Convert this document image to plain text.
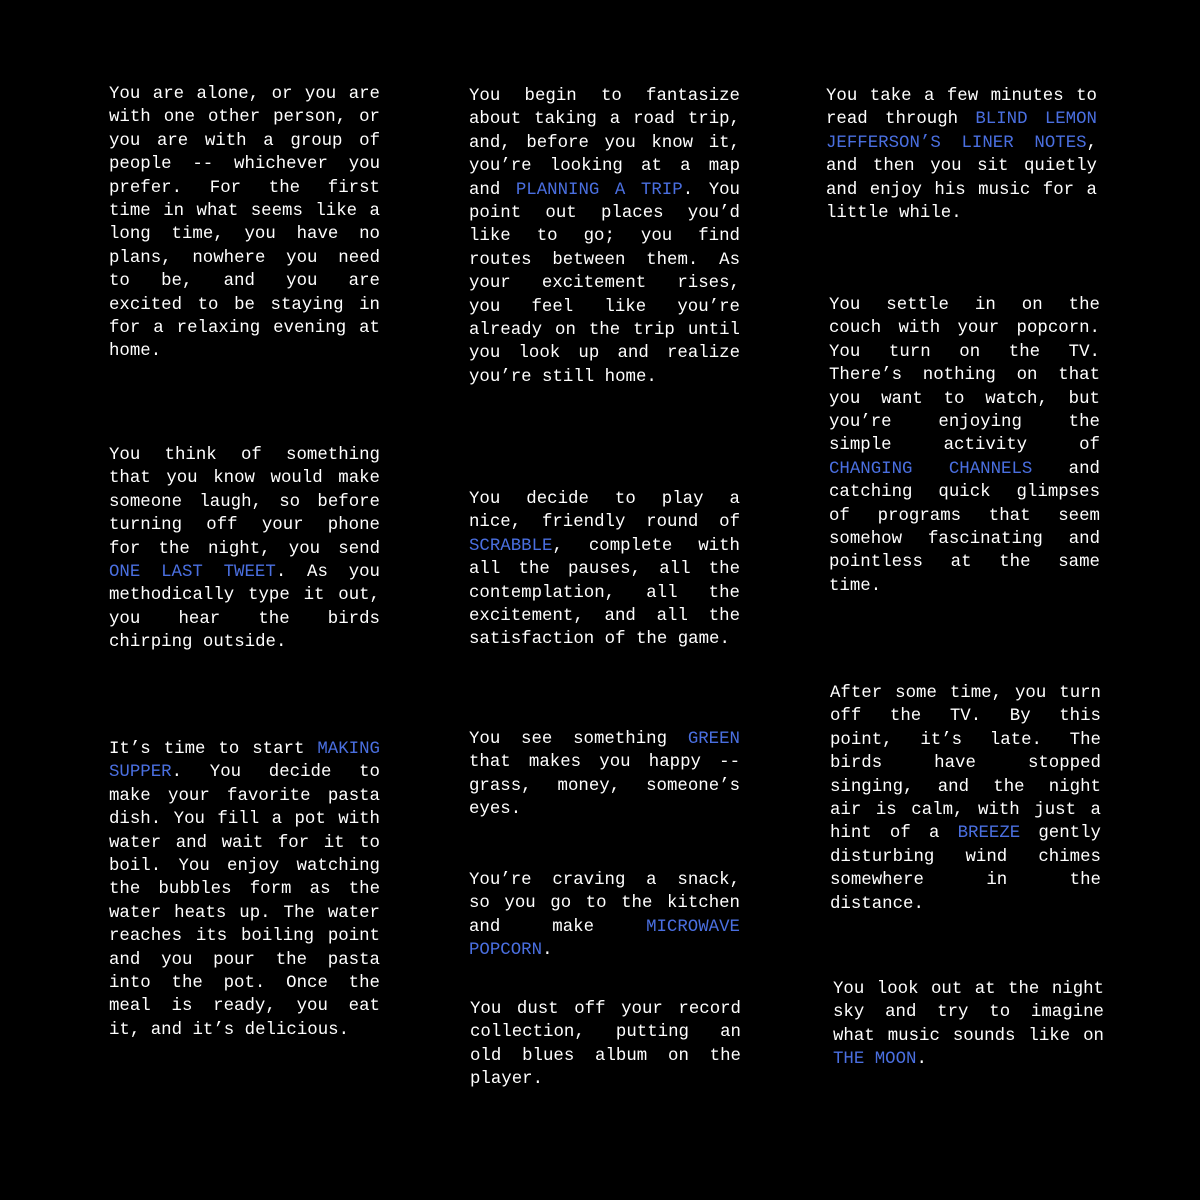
You are alone, or you are with one other person, or you are with a group of people -- whichever you prefer. For the first time in what seems like a long time, you have no plans, nowhere you need to be, and you are excited to be staying in for a relaxing evening at home.

You think of something that you know would make someone laugh, so before turning off your phone for the night, you send ONE LAST TWEET. As you methodically type it out, you hear the birds chirping outside.

It’s time to start MAKING SUPPER. You decide to make your favorite pasta dish. You fill a pot with water and wait for it to boil. You enjoy watching the bubbles form as the water heats up. The water reaches its boiling point and you pour the pasta into the pot. Once the meal is ready, you eat it, and it’s delicious.

You begin to fantasize about taking a road trip, and, before you know it, you’re looking at a map and PLANNING A TRIP. You point out places you’d like to go; you find routes between them. As your excitement rises, you feel like you’re already on the trip until you look up and realize you’re still home.

You decide to play a nice, friendly round of SCRABBLE, complete with all the pauses, all the contemplation, all the excitement, and all the satisfaction of the game.

You see something GREEN that makes you happy -- grass, money, someone’s eyes.

You’re craving a snack, so you go to the kitchen and make MICROWAVE POPCORN.

You dust off your record collection, putting an old blues album on the player.

You take a few minutes to read through BLIND LEMON JEFFERSON’S LINER NOTES, and then you sit quietly and enjoy his music for a little while.

You settle in on the couch with your popcorn. You turn on the TV. There’s nothing on that you want to watch, but you’re enjoying the simple activity of CHANGING CHANNELS and catching quick glimpses of programs that seem somehow fascinating and pointless at the same time.

After some time, you turn off the TV. By this point, it’s late. The birds have stopped singing, and the night air is calm, with just a hint of a BREEZE gently disturbing wind chimes somewhere in the distance.

You look out at the night sky and try to imagine what music sounds like on THE MOON.
